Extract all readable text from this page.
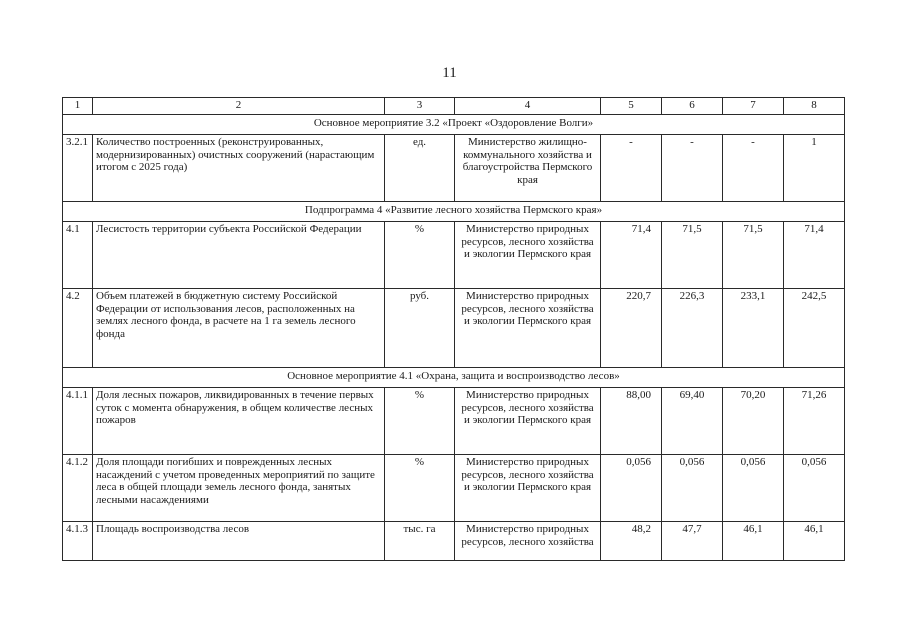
11
1	2	3	4	5	6	7	8
Основное мероприятие 3.2 «Проект «Оздоровление Волги»							
3.2.1	Количество построенных (реконструированных, модернизированных) очистных сооружений (нарастающим итогом с 2025 года)	ед.	Министерство жилищно-коммунального хозяйства и благоустройства Пермского края	-	-	-	1
Подпрограмма 4 «Развитие лесного хозяйства Пермского края»							
4.1	Лесистость территории субъекта Российской Федерации	%	Министерство природных ресурсов, лесного хозяйства и экологии Пермского края	71,4	71,5	71,5	71,4
4.2	Объем платежей в бюджетную систему Российской Федерации от использования лесов, расположенных на землях лесного фонда, в расчете на 1 га земель лесного фонда	руб.	Министерство природных ресурсов, лесного хозяйства и экологии Пермского края	220,7	226,3	233,1	242,5
Основное мероприятие 4.1 «Охрана, защита и воспроизводство лесов»							
4.1.1	Доля лесных пожаров, ликвидированных в течение первых суток с момента обнаружения, в общем количестве лесных пожаров	%	Министерство природных ресурсов, лесного хозяйства и экологии Пермского края	88,00	69,40	70,20	71,26
4.1.2	Доля площади погибших и поврежденных лесных насаждений с учетом проведенных мероприятий по защите леса в общей площади земель лесного фонда, занятых лесными насаждениями	%	Министерство природных ресурсов, лесного хозяйства и экологии Пермского края	0,056	0,056	0,056	0,056
4.1.3	Площадь воспроизводства лесов	тыс. га	Министерство природных ресурсов, лесного хозяйства	48,2	47,7	46,1	46,1
